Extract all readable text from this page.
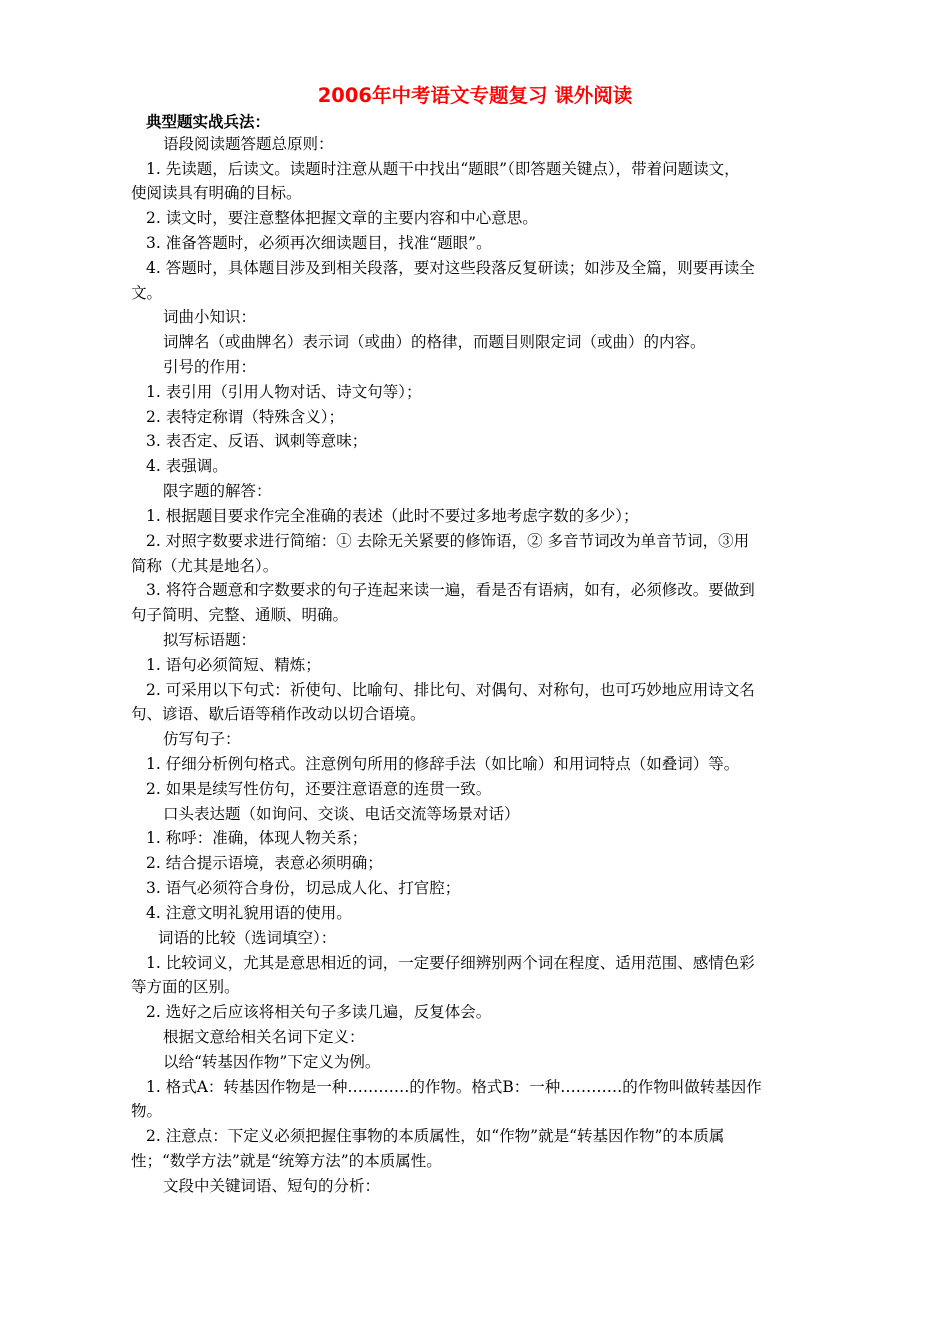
2006年中考语文专题复习 课外阅读
典型题实战兵法：
语段阅读题答题总原则：
1. 先读题，后读文。读题时注意从题干中找出“题眼”（即答题关键点），带着问题读文，
使阅读具有明确的目标。
2. 读文时，要注意整体把握文章的主要内容和中心意思。
3. 准备答题时，必须再次细读题目，找准“题眼”。
4. 答题时，具体题目涉及到相关段落，要对这些段落反复研读；如涉及全篇，则要再读全
文。
词曲小知识：
词牌名（或曲牌名）表示词（或曲）的格律，而题目则限定词（或曲）的内容。
引号的作用：
1. 表引用（引用人物对话、诗文句等）；
2. 表特定称谓（特殊含义）；
3. 表否定、反语、讽刺等意味；
4. 表强调。
限字题的解答：
1. 根据题目要求作完全准确的表述（此时不要过多地考虑字数的多少）；
2. 对照字数要求进行简缩：① 去除无关紧要的修饰语，② 多音节词改为单音节词，③用
简称（尤其是地名）。
3. 将符合题意和字数要求的句子连起来读一遍，看是否有语病，如有，必须修改。要做到
句子简明、完整、通顺、明确。
拟写标语题：
1. 语句必须简短、精炼；
2. 可采用以下句式：祈使句、比喻句、排比句、对偶句、对称句，也可巧妙地应用诗文名
句、谚语、歇后语等稍作改动以切合语境。
仿写句子：
1. 仔细分析例句格式。注意例句所用的修辞手法（如比喻）和用词特点（如叠词）等。
2. 如果是续写性仿句，还要注意语意的连贯一致。
口头表达题（如询问、交谈、电话交流等场景对话）
1. 称呼：准确，体现人物关系；
2. 结合提示语境，表意必须明确；
3. 语气必须符合身份，切忌成人化、打官腔；
4. 注意文明礼貌用语的使用。
词语的比较（选词填空）：
1. 比较词义，尤其是意思相近的词，一定要仔细辨别两个词在程度、适用范围、感情色彩
等方面的区别。
2. 选好之后应该将相关句子多读几遍，反复体会。
根据文意给相关名词下定义：
以给“转基因作物”下定义为例。
1. 格式A：转基因作物是一种…………的作物。格式B：一种…………的作物叫做转基因作
物。
2. 注意点：下定义必须把握住事物的本质属性，如“作物”就是“转基因作物”的本质属
性；“数学方法”就是“统筹方法”的本质属性。
文段中关键词语、短句的分析：
